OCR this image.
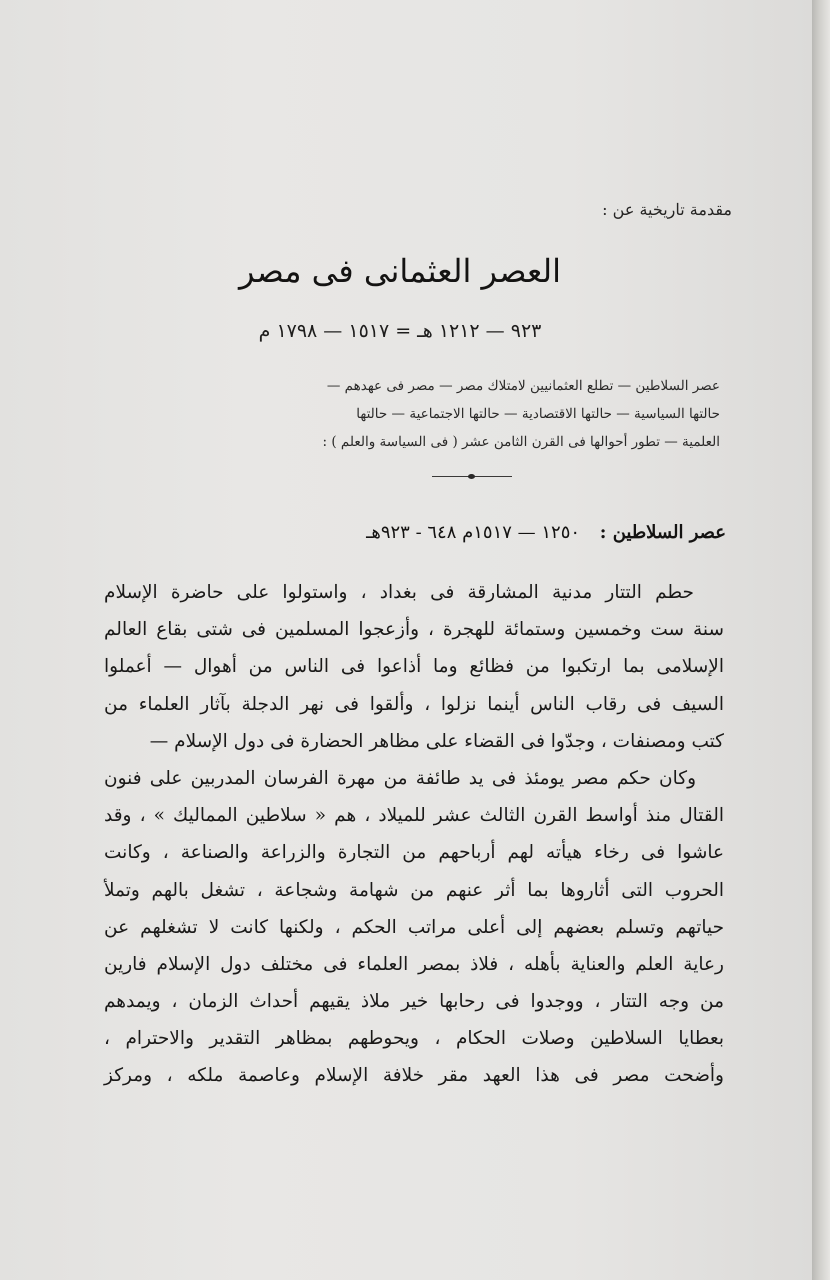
مقدمة تاريخية عن :
العصر العثمانى فى مصر
٩٢٣ — ١٢١٢ هـ = ١٥١٧ — ١٧٩٨ م

عصر السلاطين — تطلع العثمانيين لامتلاك مصر — مصر فى عهدهم —

حالتها السياسية — حالتها الاقتصادية — حالتها الاجتماعية — حالتها

العلمية — تطور أحوالها فى القرن الثامن عشر ( فى السياسة والعلم ) :

عصر السلاطين : ١٢٥٠ — ١٥١٧م ٦٤٨ - ٩٢٣هـ
حطم التتار مدنية المشارقة فى بغداد ، واستولوا على حاضرة الإسلام
سنة ست وخمسين وستمائة للهجرة ، وأزعجوا المسلمين فى شتى بقاع العالم
الإسلامى بما ارتكبوا من فظائع وما أذاعوا فى الناس من أهوال — أعملوا
السيف فى رقاب الناس أينما نزلوا ، وألقوا فى نهر الدجلة بآثار العلماء من
كتب ومصنفات ، وجدّوا فى القضاء على مظاهر الحضارة فى دول الإسلام —
وكان حكم مصر يومئذ فى يد طائفة من مهرة الفرسان المدربين على فنون
القتال منذ أواسط القرن الثالث عشر للميلاد ، هم « سلاطين المماليك » ، وقد
عاشوا فى رخاء هيأته لهم أرباحهم من التجارة والزراعة والصناعة ، وكانت
الحروب التى أثاروها بما أثر عنهم من شهامة وشجاعة ، تشغل بالهم وتملأ
حياتهم وتسلم بعضهم إلى أعلى مراتب الحكم ، ولكنها كانت لا تشغلهم عن
رعاية العلم والعناية بأهله ، فلاذ بمصر العلماء فى مختلف دول الإسلام فارين
من وجه التتار ، ووجدوا فى رحابها خير ملاذ يقيهم أحداث الزمان ، ويمدهم
بعطايا السلاطين وصلات الحكام ، ويحوطهم بمظاهر التقدير والاحترام ،
وأضحت مصر فى هذا العهد مقر خلافة الإسلام وعاصمة ملكه ، ومركز
